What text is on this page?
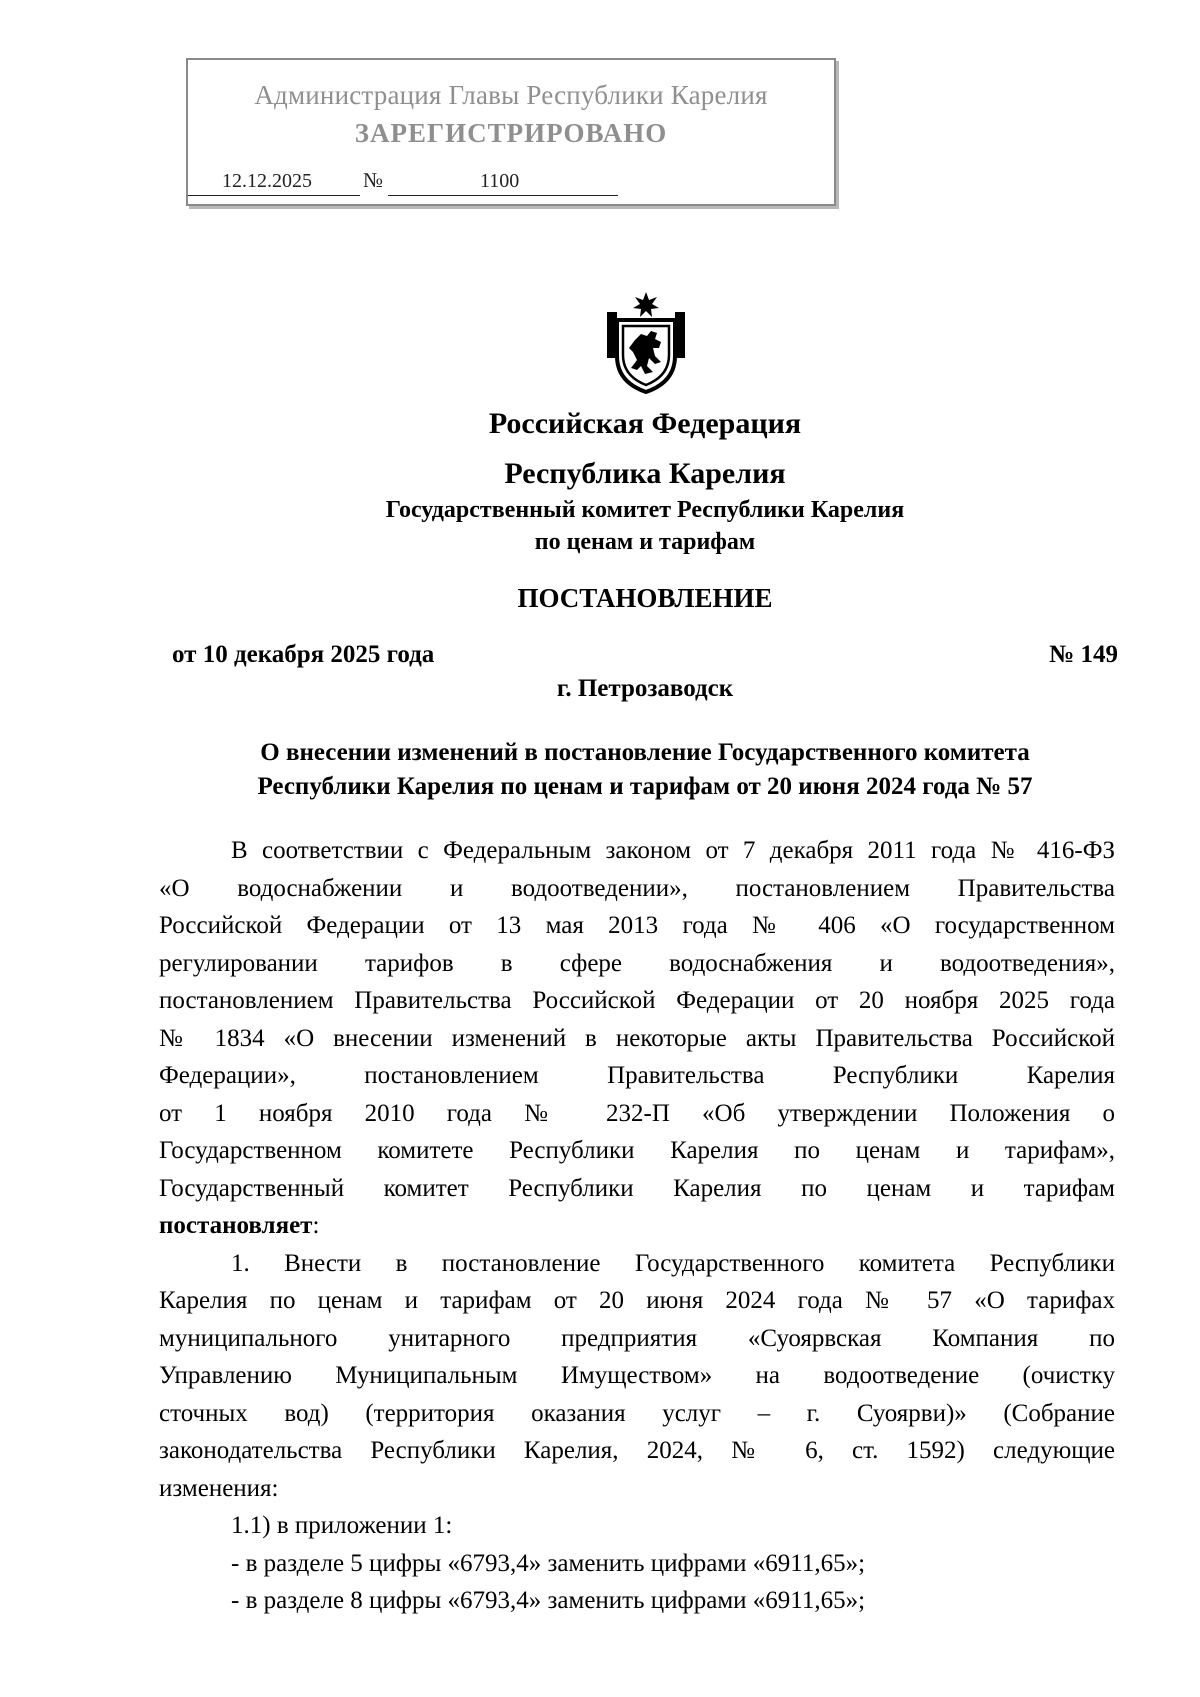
Администрация Главы Республики Карелия
ЗАРЕГИСТРИРОВАНО
12.12.2025 №	1100
Российская Федерация
Республика Карелия
Государственный комитет Республики Карелия
по ценам и тарифам
ПОСТАНОВЛЕНИЕ
от 10 декабря 2025 года	№ 149
г. Петрозаводск
О внесении изменений в постановление Государственного комитета
Республики Карелия по ценам и тарифам от 20 июня 2024 года № 57

В соответствии с Федеральным законом от 7 декабря 2011 года № 416-ФЗ
«О водоснабжении и водоотведении», постановлением Правительства
Российской Федерации от 13 мая 2013 года № 406 «О государственном
регулировании тарифов в сфере водоснабжения и водоотведения»,
постановлением Правительства Российской Федерации от 20 ноября 2025 года
№ 1834 «О внесении изменений в некоторые акты Правительства Российской
Федерации», постановлением Правительства Республики Карелия
от 1 ноября 2010 года № 232-П «Об утверждении Положения о
Государственном комитете Республики Карелия по ценам и тарифам»,
Государственный комитет Республики Карелия по ценам и тарифам
постановляет:

1. Внести в постановление Государственного комитета Республики
Карелия по ценам и тарифам от 20 июня 2024 года № 57 «О тарифах
муниципального унитарного предприятия «Суоярвская Компания по
Управлению Муниципальным Имуществом» на водоотведение (очистку
сточных вод) (территория оказания услуг – г. Суоярви)» (Собрание
законодательства Республики Карелия, 2024, № 6, ст. 1592) следующие
изменения:

1.1) в приложении 1:
- в разделе 5 цифры «6793,4» заменить цифрами «6911,65»;
- в разделе 8 цифры «6793,4» заменить цифрами «6911,65»;
